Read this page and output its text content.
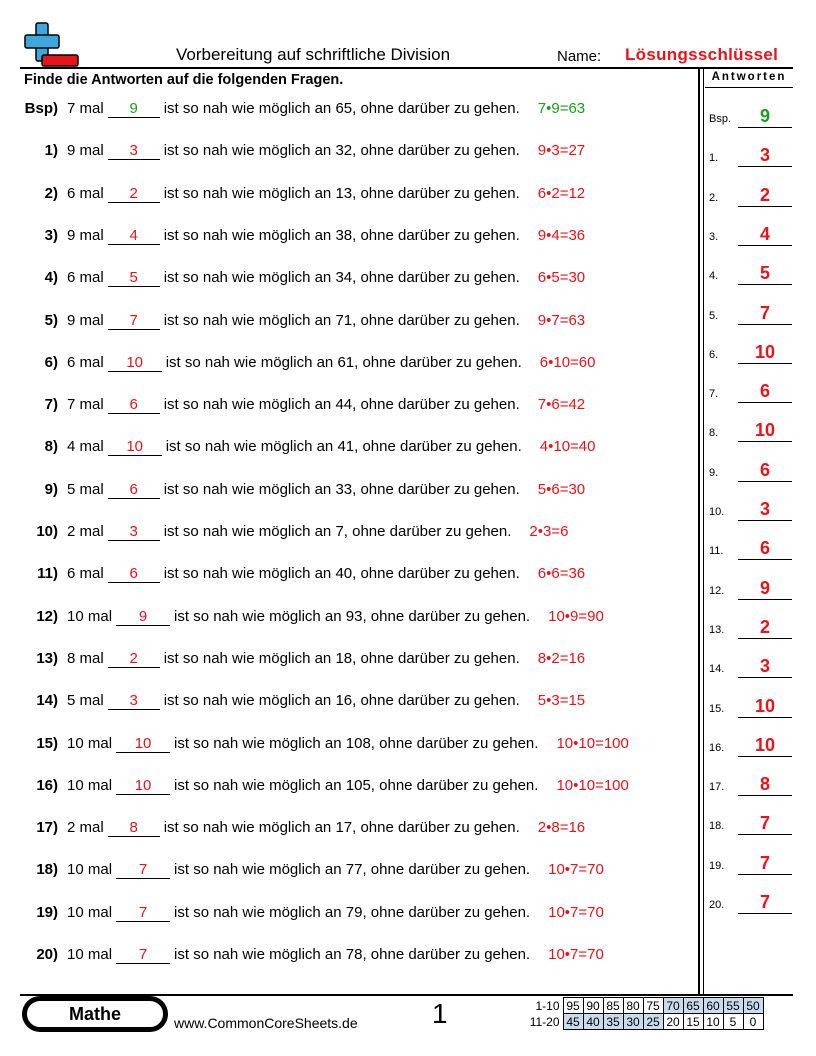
Vorbereitung auf schriftliche Division	Name: Lösungsschlüssel
Finde die Antworten auf die folgenden Fragen.	Antworten
Bsp) 7 mal 9 ist so nah wie möglich an 65, ohne darüber zu gehen. 7•9=63
1) 9 mal 3 ist so nah wie möglich an 32, ohne darüber zu gehen. 9•3=27
2) 6 mal 2 ist so nah wie möglich an 13, ohne darüber zu gehen. 6•2=12
3) 9 mal 4 ist so nah wie möglich an 38, ohne darüber zu gehen. 9•4=36
4) 6 mal 5 ist so nah wie möglich an 34, ohne darüber zu gehen. 6•5=30
5) 9 mal 7 ist so nah wie möglich an 71, ohne darüber zu gehen. 9•7=63
6) 6 mal 10 ist so nah wie möglich an 61, ohne darüber zu gehen. 6•10=60
7) 7 mal 6 ist so nah wie möglich an 44, ohne darüber zu gehen. 7•6=42
8) 4 mal 10 ist so nah wie möglich an 41, ohne darüber zu gehen. 4•10=40
9) 5 mal 6 ist so nah wie möglich an 33, ohne darüber zu gehen. 5•6=30
10) 2 mal 3 ist so nah wie möglich an 7, ohne darüber zu gehen. 2•3=6
11) 6 mal 6 ist so nah wie möglich an 40, ohne darüber zu gehen. 6•6=36
12) 10 mal 9 ist so nah wie möglich an 93, ohne darüber zu gehen. 10•9=90
13) 8 mal 2 ist so nah wie möglich an 18, ohne darüber zu gehen. 8•2=16
14) 5 mal 3 ist so nah wie möglich an 16, ohne darüber zu gehen. 5•3=15
15) 10 mal 10 ist so nah wie möglich an 108, ohne darüber zu gehen. 10•10=100
16) 10 mal 10 ist so nah wie möglich an 105, ohne darüber zu gehen. 10•10=100
17) 2 mal 8 ist so nah wie möglich an 17, ohne darüber zu gehen. 2•8=16
18) 10 mal 7 ist so nah wie möglich an 77, ohne darüber zu gehen. 10•7=70
19) 10 mal 7 ist so nah wie möglich an 79, ohne darüber zu gehen. 10•7=70
20) 10 mal 7 ist so nah wie möglich an 78, ohne darüber zu gehen. 10•7=70
Bsp.	9
1.	3
2.	2
3.	4
4.	5
5.	7
6.	10
7.	6
8.	10
9.	6
10.	3
11.	6
12.	9
13.	2
14.	3
15.	10
16.	10
17.	8
18.	7
19.	7
20.	7
Mathe	www.CommonCoreSheets.de	1	1-10	95	90	85	80	75	70	65	60	55	50
11-20	45	40	35	30	25	20	15	10	5	0
